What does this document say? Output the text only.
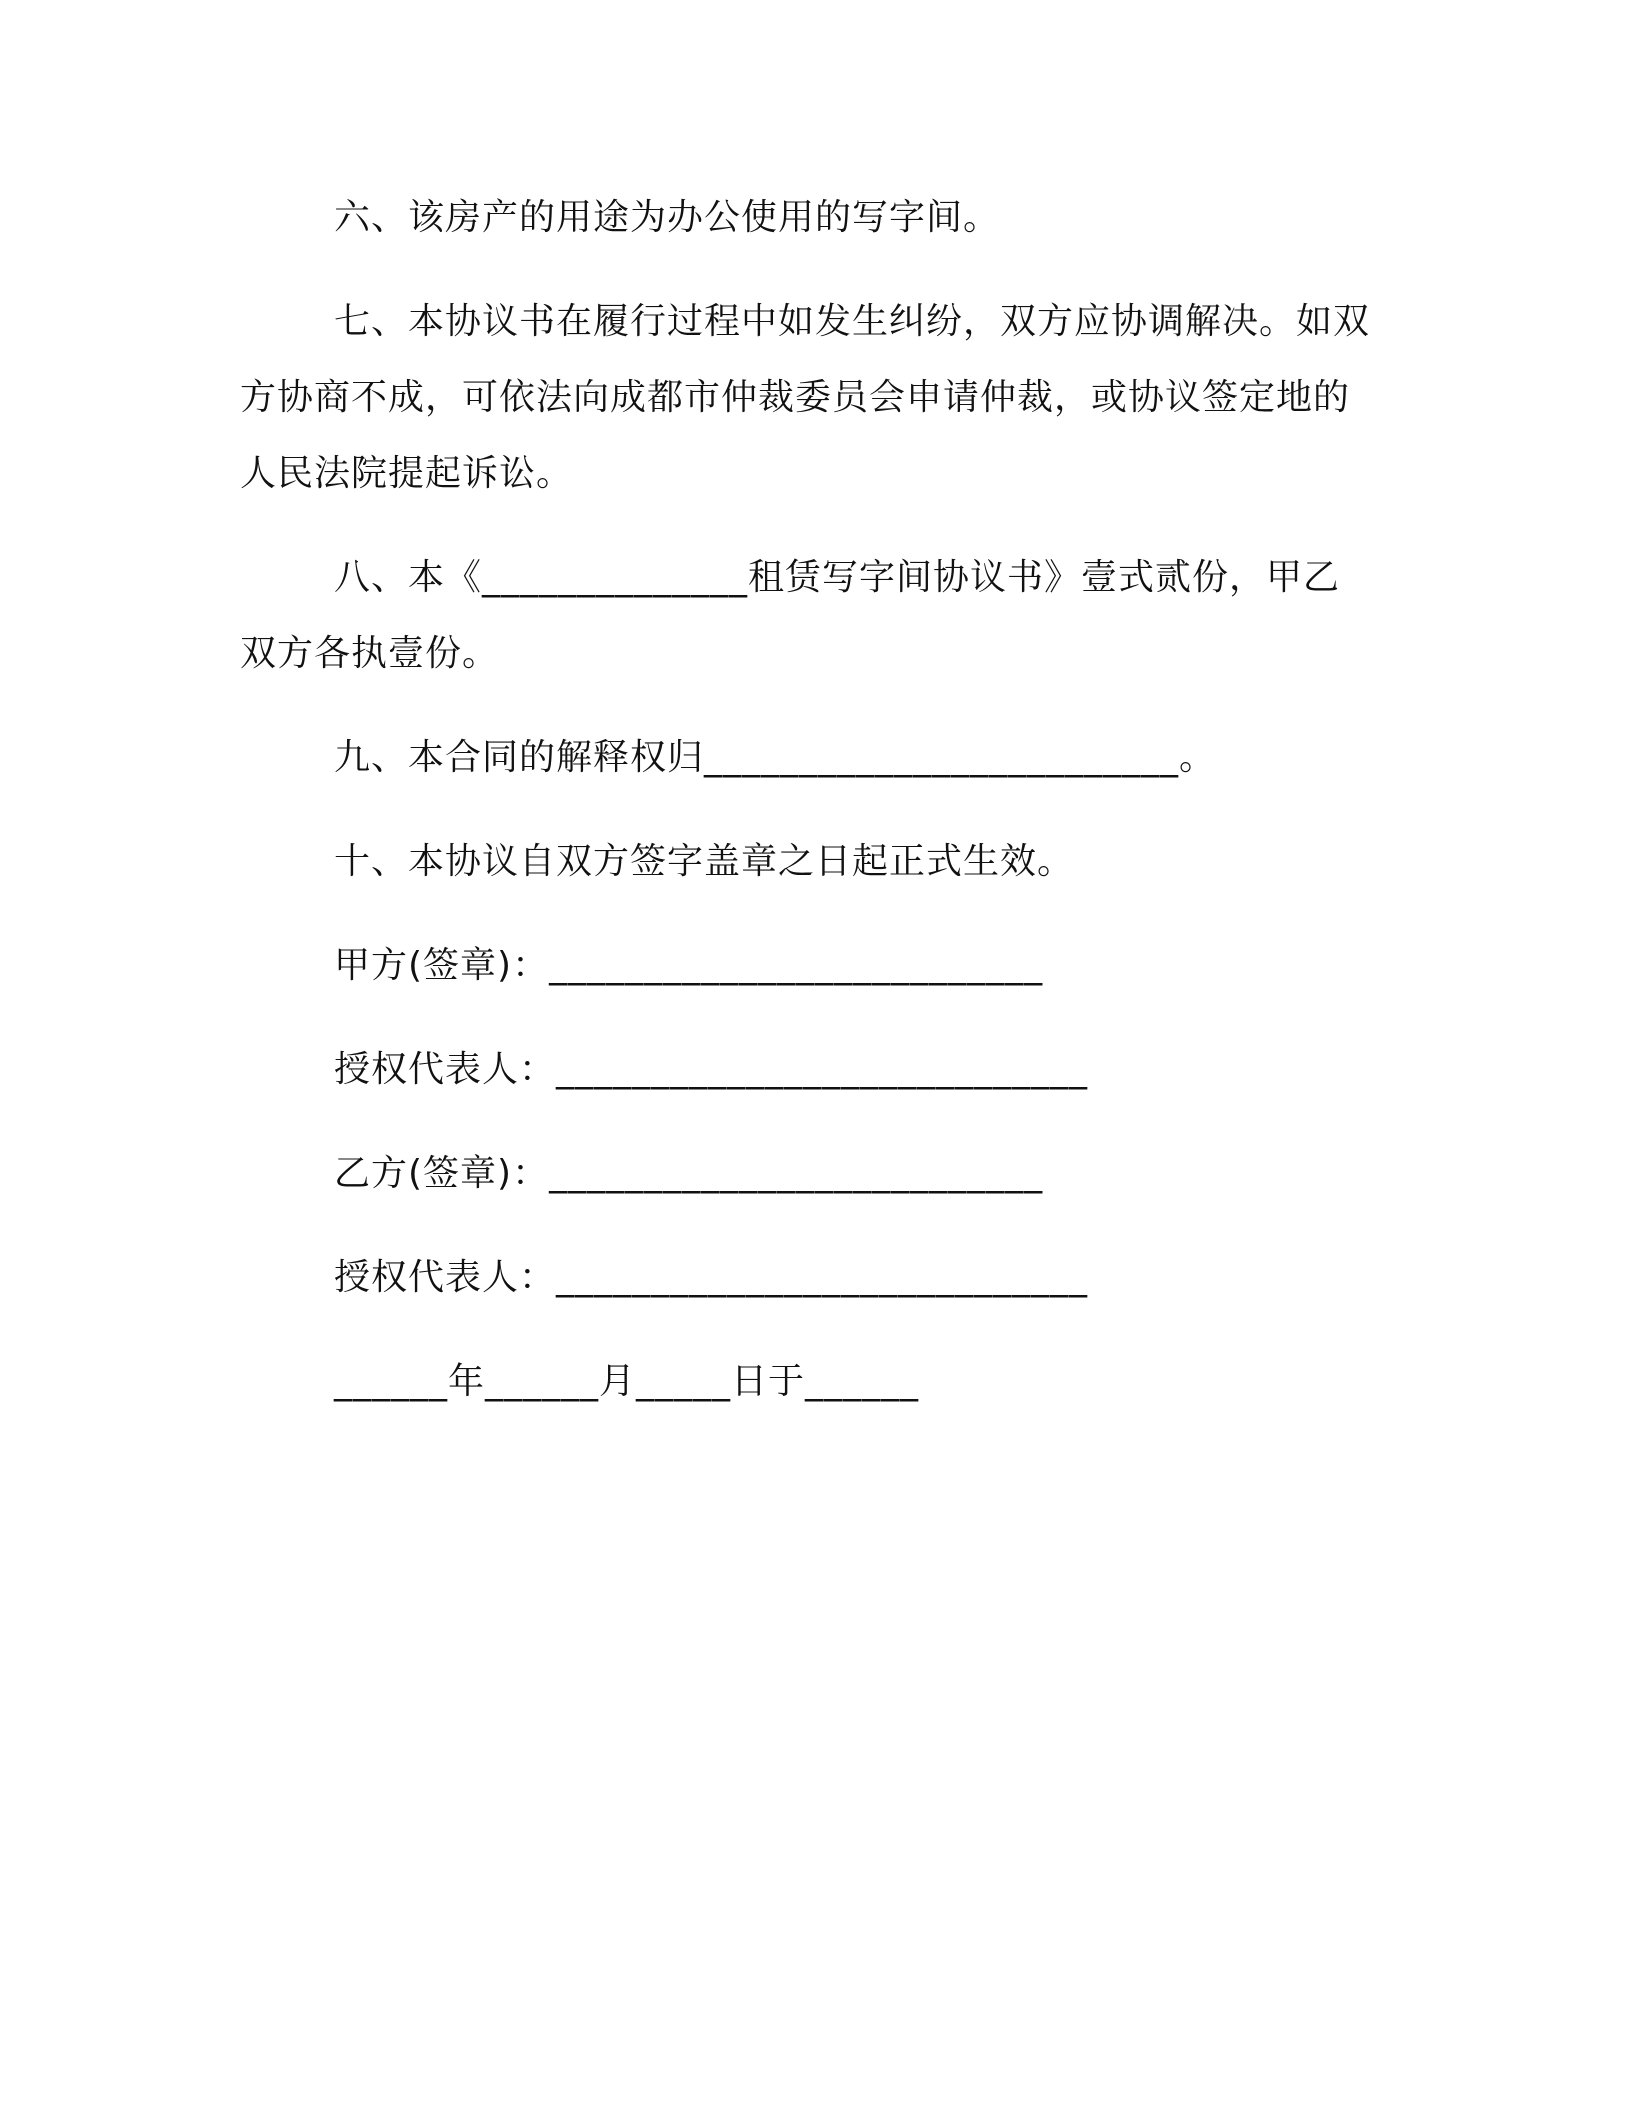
六、该房产的用途为办公使用的写字间。
七、本协议书在履行过程中如发生纠纷，双方应协调解决。如双
方协商不成，可依法向成都市仲裁委员会申请仲裁，或协议签定地的
人民法院提起诉讼。
八、本《______________租赁写字间协议书》壹式贰份，甲乙
双方各执壹份。
九、本合同的解释权归_________________________。
十、本协议自双方签字盖章之日起正式生效。
甲方(签章)：__________________________
授权代表人：____________________________
乙方(签章)：__________________________
授权代表人：____________________________
______年______月_____日于______
